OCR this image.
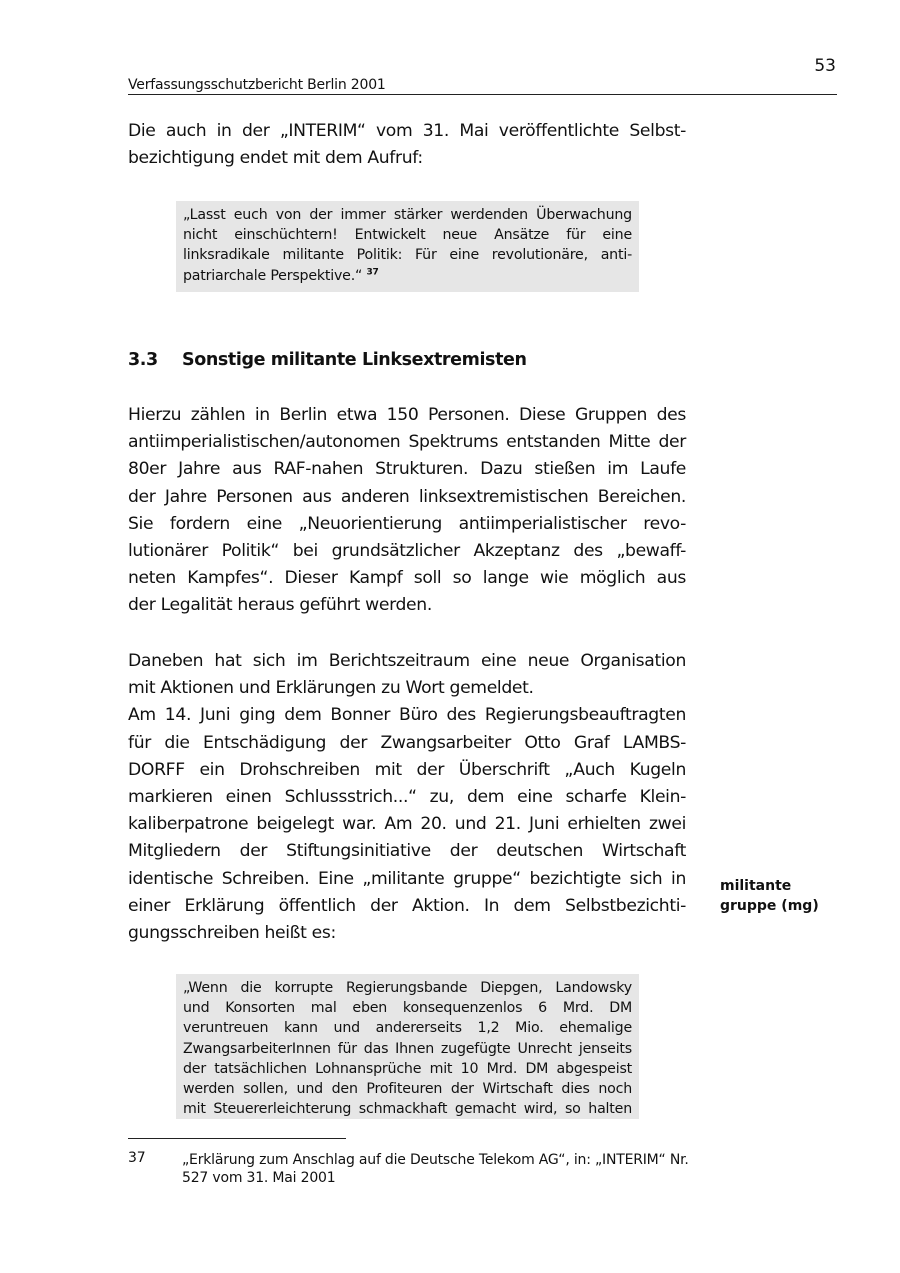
53
Verfassungsschutzbericht Berlin 2001
Die auch in der „INTERIM“ vom 31. Mai veröffentlichte Selbst-
bezichtigung endet mit dem Aufruf:
„Lasst euch von der immer stärker werdenden Überwachung
nicht einschüchtern! Entwickelt neue Ansätze für eine
linksradikale militante Politik: Für eine revolutionäre, anti-
patriarchale Perspektive.“ $^{37}$
3.3 Sonstige militante Linksextremisten
Hierzu zählen in Berlin etwa 150 Personen. Diese Gruppen des
antiimperialistischen/autonomen Spektrums entstanden Mitte der
80er Jahre aus RAF-nahen Strukturen. Dazu stießen im Laufe
der Jahre Personen aus anderen linksextremistischen Bereichen.
Sie fordern eine „Neuorientierung antiimperialistischer revo-
lutionärer Politik“ bei grundsätzlicher Akzeptanz des „bewaff-
neten Kampfes“. Dieser Kampf soll so lange wie möglich aus
der Legalität heraus geführt werden.
Daneben hat sich im Berichtszeitraum eine neue Organisation
mit Aktionen und Erklärungen zu Wort gemeldet.
Am 14. Juni ging dem Bonner Büro des Regierungsbeauftragten
für die Entschädigung der Zwangsarbeiter Otto Graf LAMBS-
DORFF ein Drohschreiben mit der Überschrift „Auch Kugeln
markieren einen Schlussstrich...“ zu, dem eine scharfe Klein-
kaliberpatrone beigelegt war. Am 20. und 21. Juni erhielten zwei
Mitgliedern der Stiftungsinitiative der deutschen Wirtschaft
identische Schreiben. Eine „militante gruppe“ bezichtigte sich in
einer Erklärung öffentlich der Aktion. In dem Selbstbezichti-
gungsschreiben heißt es:
militante
gruppe (mg)
„Wenn die korrupte Regierungsbande Diepgen, Landowsky
und Konsorten mal eben konsequenzenlos 6 Mrd. DM
veruntreuen kann und andererseits 1,2 Mio. ehemalige
ZwangsarbeiterInnen für das Ihnen zugefügte Unrecht jenseits
der tatsächlichen Lohnansprüche mit 10 Mrd. DM abgespeist
werden sollen, und den Profiteuren der Wirtschaft dies noch
mit Steuererleichterung schmackhaft gemacht wird, so halten
37	„Erklärung zum Anschlag auf die Deutsche Telekom AG“, in: „INTERIM“ Nr.
527 vom 31. Mai 2001
